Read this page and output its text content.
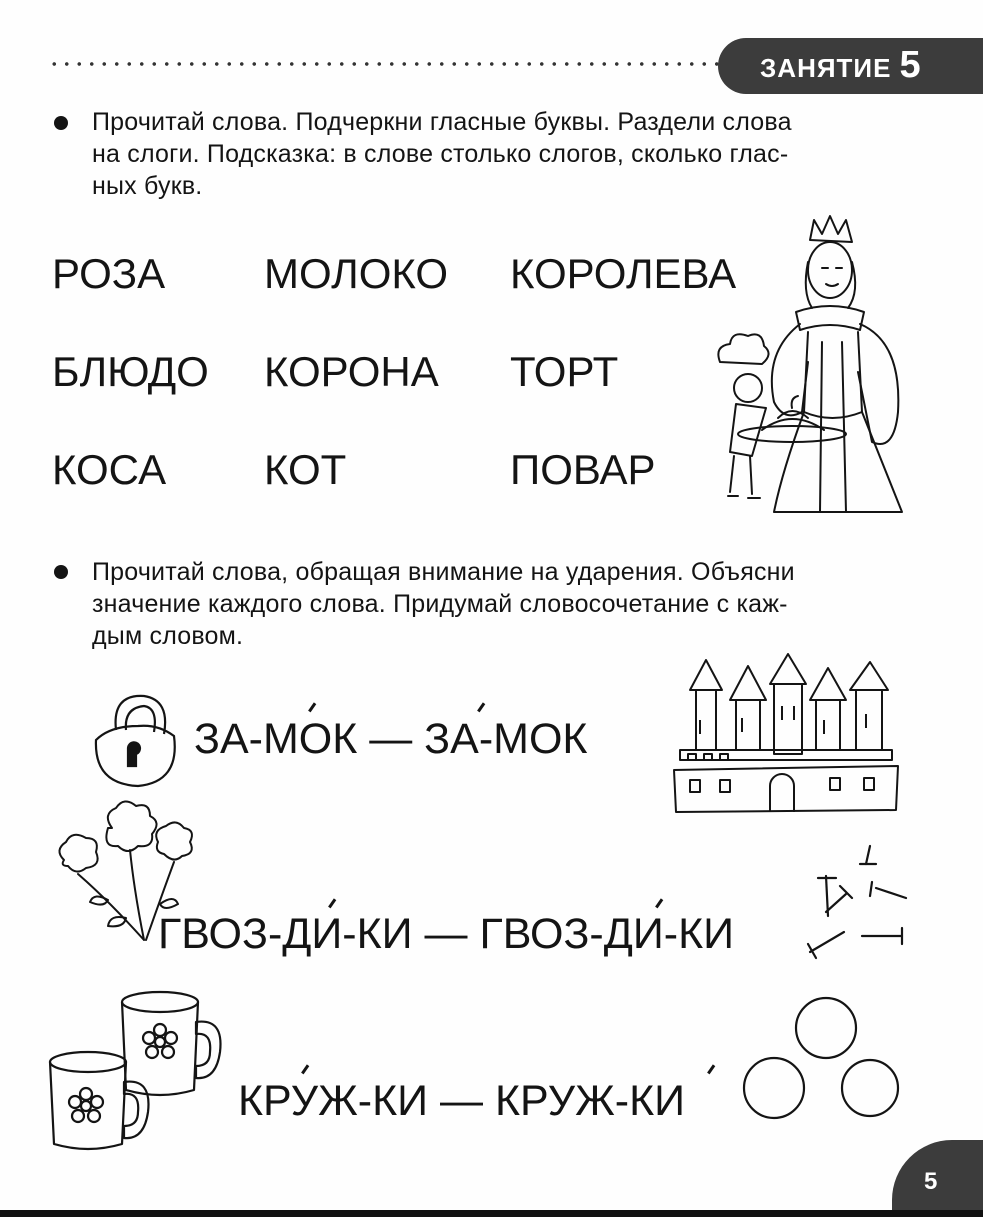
ЗАНЯТИЕ 5
Прочитай слова. Подчеркни гласные буквы. Раздели слова
на слоги. Подсказка: в слове столько слогов, сколько глас-
ных букв.
РОЗА МОЛОКО КОРОЛЕВА
БЛЮДО КОРОНА ТОРТ
КОСА КОТ	ПОВАР
Прочитай слова, обращая внимание на ударения. Объясни
значение каждого слова. Придумай словосочетание с каж-
дым словом.
ЗА-МОК — ЗА-МОК
ГВОЗ-ДИ-КИ — ГВОЗ-ДИ-КИ
КРУЖ-КИ — КРУЖ-КИ
5
